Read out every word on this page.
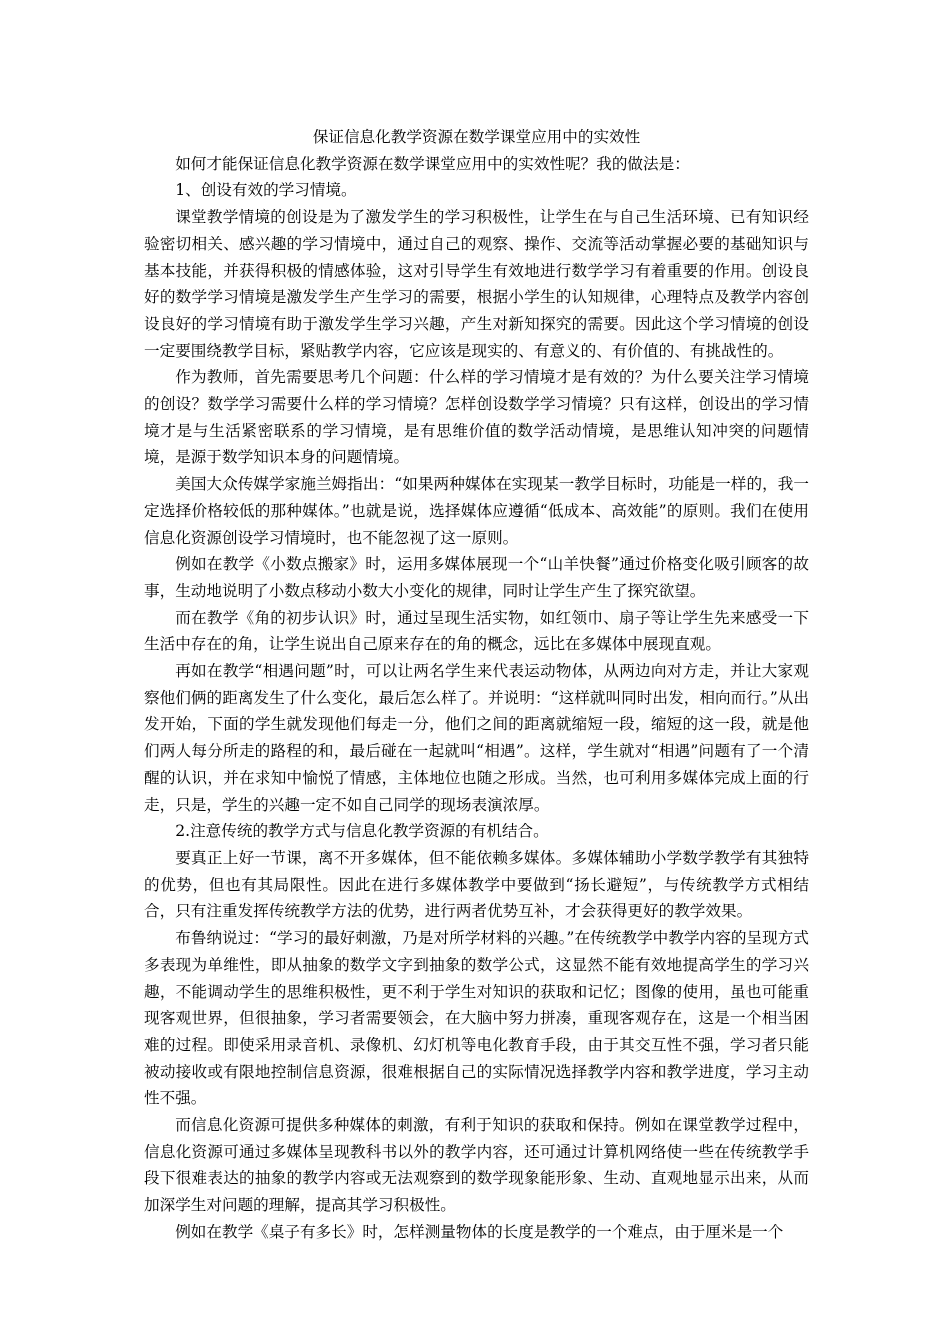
保证信息化教学资源在数学课堂应用中的实效性

如何才能保证信息化教学资源在数学课堂应用中的实效性呢？我的做法是：

1、创设有效的学习情境。

课堂教学情境的创设是为了激发学生的学习积极性，让学生在与自己生活环境、已有知识经验密切相关、感兴趣的学习情境中，通过自己的观察、操作、交流等活动掌握必要的基础知识与基本技能，并获得积极的情感体验，这对引导学生有效地进行数学学习有着重要的作用。创设良好的数学学习情境是激发学生产生学习的需要，根据小学生的认知规律，心理特点及教学内容创设良好的学习情境有助于激发学生学习兴趣，产生对新知探究的需要。因此这个学习情境的创设一定要围绕教学目标，紧贴教学内容，它应该是现实的、有意义的、有价值的、有挑战性的。

作为教师，首先需要思考几个问题：什么样的学习情境才是有效的？为什么要关注学习情境的创设？数学学习需要什么样的学习情境？怎样创设数学学习情境？只有这样，创设出的学习情境才是与生活紧密联系的学习情境，是有思维价值的数学活动情境，是思维认知冲突的问题情境，是源于数学知识本身的问题情境。

美国大众传媒学家施兰姆指出：“如果两种媒体在实现某一教学目标时，功能是一样的，我一定选择价格较低的那种媒体。”也就是说，选择媒体应遵循“低成本、高效能”的原则。我们在使用信息化资源创设学习情境时，也不能忽视了这一原则。

例如在教学《小数点搬家》时，运用多媒体展现一个“山羊快餐”通过价格变化吸引顾客的故事，生动地说明了小数点移动小数大小变化的规律，同时让学生产生了探究欲望。

而在教学《角的初步认识》时，通过呈现生活实物，如红领巾、扇子等让学生先来感受一下生活中存在的角，让学生说出自己原来存在的角的概念，远比在多媒体中展现直观。

再如在教学“相遇问题”时，可以让两名学生来代表运动物体，从两边向对方走，并让大家观察他们俩的距离发生了什么变化，最后怎么样了。并说明：“这样就叫同时出发，相向而行。”从出发开始，下面的学生就发现他们每走一分，他们之间的距离就缩短一段，缩短的这一段，就是他们两人每分所走的路程的和，最后碰在一起就叫“相遇”。这样，学生就对“相遇”问题有了一个清醒的认识，并在求知中愉悦了情感，主体地位也随之形成。当然，也可利用多媒体完成上面的行走，只是，学生的兴趣一定不如自己同学的现场表演浓厚。

2.注意传统的教学方式与信息化教学资源的有机结合。

要真正上好一节课，离不开多媒体，但不能依赖多媒体。多媒体辅助小学数学教学有其独特的优势，但也有其局限性。因此在进行多媒体教学中要做到“扬长避短”，与传统教学方式相结合，只有注重发挥传统教学方法的优势，进行两者优势互补，才会获得更好的教学效果。

布鲁纳说过：“学习的最好刺激，乃是对所学材料的兴趣。”在传统教学中教学内容的呈现方式多表现为单维性，即从抽象的数学文字到抽象的数学公式，这显然不能有效地提高学生的学习兴趣，不能调动学生的思维积极性，更不利于学生对知识的获取和记忆；图像的使用，虽也可能重现客观世界，但很抽象，学习者需要领会，在大脑中努力拼凑，重现客观存在，这是一个相当困难的过程。即使采用录音机、录像机、幻灯机等电化教育手段，由于其交互性不强，学习者只能被动接收或有限地控制信息资源，很难根据自己的实际情况选择教学内容和教学进度，学习主动性不强。

而信息化资源可提供多种媒体的刺激，有利于知识的获取和保持。例如在课堂教学过程中，信息化资源可通过多媒体呈现教科书以外的教学内容，还可通过计算机网络使一些在传统教学手段下很难表达的抽象的教学内容或无法观察到的数学现象能形象、生动、直观地显示出来，从而加深学生对问题的理解，提高其学习积极性。

例如在教学《桌子有多长》时，怎样测量物体的长度是教学的一个难点，由于厘米是一个
